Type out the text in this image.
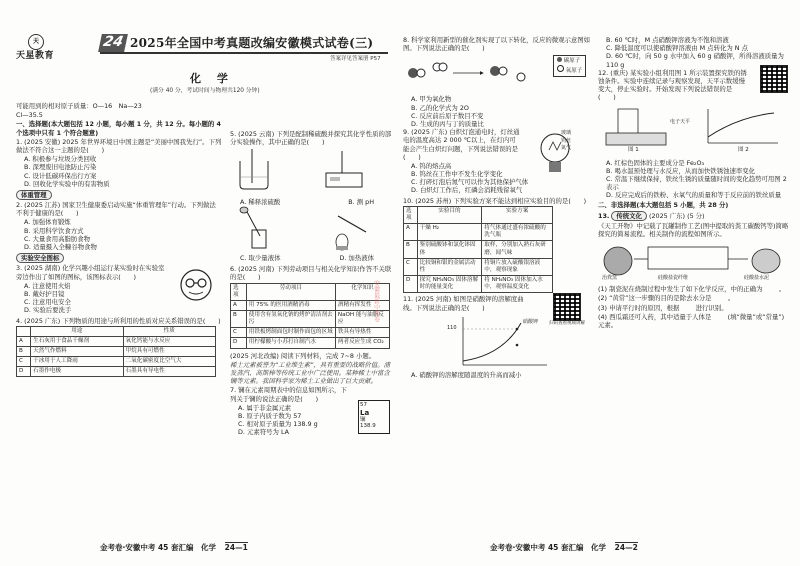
天
天星教育
24 2025年全国中考真题改编安徽模式试卷(三)
答案详见答案册 P57
化 学
(满分 40 分，考试时间与物理共120 分钟)
可能用到的相对原子质量：O—16　Na—23
Cl—35.5
一、选择题(本大题包括 12 小题，每小题 1 分，共 12 分。每小题的 4 个选项中只有 1 个符合题意)
1. (2025 安徽) 2025 年世界环境日中国主题是“美丽中国我先行”。下列做法不符合这一主题的是(　　)
A. 积极参与垃圾分类回收
B. 深埋废旧电池防止污染
C. 设计低碳环保出行方案
D. 回收化学实验中的有害物质
体重管理
2. (2025 江苏) 国家卫生健康委启动实施“体重管理年”行动。下列做法不利于健康的是(　　)
A. 加强体育锻炼
B. 采用科学饮食方式
C. 大量食用高脂肪食物
D. 适量摄入全糠谷物食物
实验安全图标
3. (2025 湖南) 化学兴趣小组运行某实验时在实验室旁边作出了如图的图标，该图标表示(　　)
A. 注意使用火焰
B. 戴好护目镜
C. 注意用电安全
D. 实验后要洗手
4. (2025 广东) 下列物质的用途与所利用的性质对应关系错误的是(　　)
	用途	性质
A	生石灰用于食品干燥剂	氧化钙能与水反应
B	天然气作燃料	甲烷具有可燃性
C	干冰用于人工降雨	二氧化碳密度比空气大
D	石墨作电极	石墨具有导电性
5. (2025 云南) 下列是配制稀硫酸并探究其化学性质的部分实验操作，其中正确的是(　　)
A. 稀释浓硫酸	B. 测 pH
C. 取少量液体	D. 加热液体
6. (2025 河南) 下列劳动项目与相关化学知识作答不关联的是(　　)
选项	劳动项目	化学知识
A	用 75% 的医用酒精消毒	酒精有挥发性
B	使用含有氢氧化钠的烤炉清洁剂去污	NaOH 能与油脂反应
C	用铁板烤制面包时制作面包的区域	铁具有导热性
D	用柠檬酸与小苏打自制汽水	两者反应生成 CO₂
(2025 河北改编) 阅读下列材料，完成 7~8 小题。
稀土元素被誉为“工业维生素”，具有重要的战略价值。浦发蒸汽、高斯棒等传统工业中广泛使用。某种稀土中富含镧等元素。我国科学家为稀土工业做出了巨大贡献。
7. 镧在元素周期表中的信息如图所示，下列关于镧的说法正确的是(　　)
A. 属于非金属元素
B. 原子内质子数为 57
C. 相对原子质量为 138.9 g
D. 元素符号为 LA
57
La
镧
138.9
8. 科学家利用新型的催化剂实现了以下转化，反应的微观示意图如图。下列说法正确的是(　　)
碳原子
氧原子
A. 甲为氧化物
B. 乙的化学式为 2O
C. 反应前后原子数目不变
D. 生成的丙与丁的质量比
9. (2025 广东) 白炽灯泡通电时，灯丝通电的温度高达 2 000 ℃以上，在灯内可能会产生白炽灯问题，下列说法错误的是(　　)
玻璃
钨丝
氮气
A. 钨的熔点高
B. 钨丝在工作中不发生化学变化
C. 打碎灯泡后氮气可以作为其他保护气体
D. 白炽灯工作后，红磷会消耗残留氧气
10. (2025 苏州) 下列实验方案不能达到相应实验目的的是(　　)
选项	实验目的	实验方案
A	干燥 H₂	将气体通过盛有浓硫酸的洗气瓶
B	鉴别硫酸钵和氯化钵固体	取样，分别加入熟石灰研磨，闻气味
C	比较铜和银的金属活动性	将铜片放入硫酸银溶液中，观察现象
D	探究 NH₄NO₃ 固体溶解时的能量变化	将 NH₄NO₃ 固体加入水中，观察温度变化
11. (2025 河南) 如图是硝酸钾的溶解度曲线。下列说法正确的是(　　)
扫码查看视频讲解
110
硝酸钾
A. 硝酸钾的溶解度随温度的升高而减小
B. 60 ℃时，M 点硝酸钾溶液为不饱和溶液
C. 降低温度可以使硝酸钾溶液由 M 点转化为 N 点
D. 60 ℃时，向 50 g 水中加入 60 g 硝酸钾，所得溶液质量为 110 g
12. (重庆) 某实验小组利用图 1 所示装置探究铁的锈蚀条件。实验中连续记录与观察发现，天平示数缓慢变大，停止实验时。开始发现下列说法错误的是(　　)
电子天平
图 1	图 2
A. 红棕色固体的主要成分是 Fe₂O₃
B. 喝水温预处理与水反应，从而加快铁锈蚀速率变化
C. 常温下继续保持，铁丝生锈的质量随时间的变化趋势可用图 2 表示
D. 反应完成后的铁粉、水氧气的质量和等于反应前的铁丝质量
二、非选择题(本大题包括 5 小题，共 28 分)
13. 传统文化 (2025 广东) (5 分)
《天工开物》中记载了瓦罐制作工艺(图中提取的粪工碳酸钙等)简略探究的简易流程。相关制作的流程如图所示。
治粪窯	硅酸盐瓷纤维	硅酸盐水泥
(1) 制瓷泥在烧制过程中发生了如下化学反应，中的正确为        。
(2) “黄常”这一步骤的目的是除去水分是        。
(3) 申请平行时的原因，根据        进行识别。
(4) 西瓜霜还可入药，其中适量于人体是        (填“微量”或“常量”)元素。
安徽最新中考卷
金考卷·安徽中考 45 套汇编　化学 24—1	金考卷·安徽中考 45 套汇编　化学 24—2
